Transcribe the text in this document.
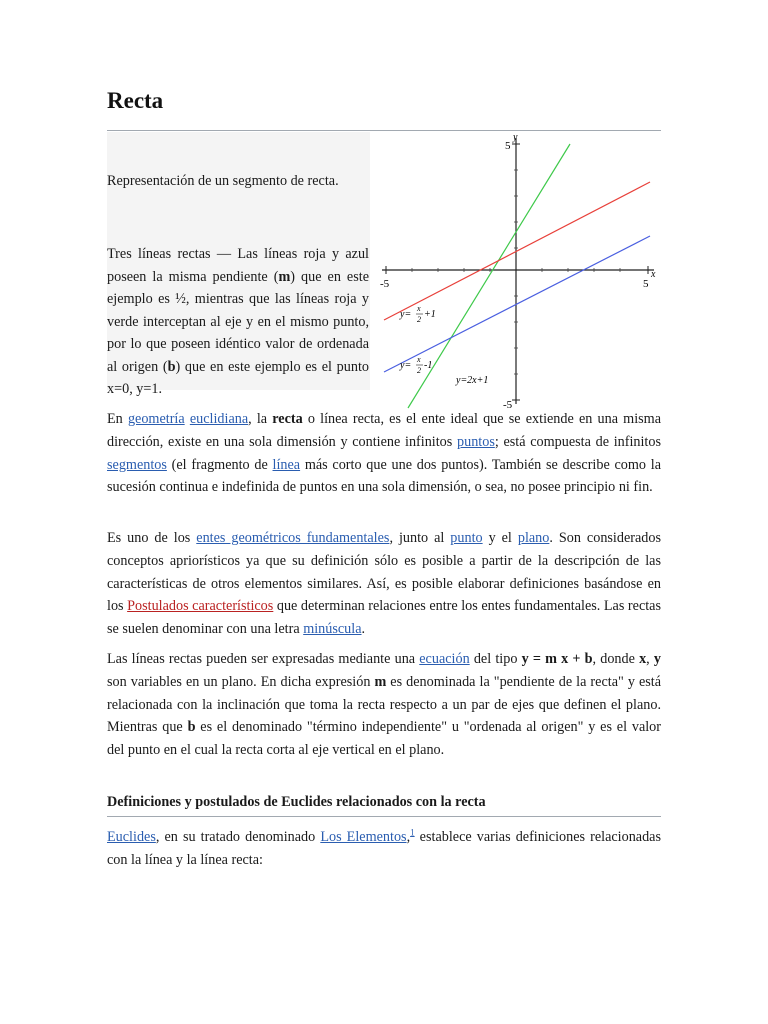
Recta
Representación de un segmento de recta.
Tres líneas rectas — Las líneas roja y azul poseen la misma pendiente (m) que en este ejemplo es ½, mientras que las líneas roja y verde interceptan al eje y en el mismo punto, por lo que poseen idéntico valor de ordenada al origen (b) que en este ejemplo es el punto x=0, y=1.
y
x
5
-5	5
-5
y=
x
2 +1
y=
x
2 -1
y=2x+1

En geometría euclidiana, la recta o línea recta, es el ente ideal que se extiende en una misma dirección, existe en una sola dimensión y contiene infinitos puntos; está compuesta de infinitos segmentos (el fragmento de línea más corto que une dos puntos). También se describe como la sucesión continua e indefinida de puntos en una sola dimensión, o sea, no posee principio ni fin.

Es uno de los entes geométricos fundamentales, junto al punto y el plano. Son considerados conceptos apriorísticos ya que su definición sólo es posible a partir de la descripción de las características de otros elementos similares. Así, es posible elaborar definiciones basándose en los Postulados característicos que determinan relaciones entre los entes fundamentales. Las rectas se suelen denominar con una letra minúscula.

Las líneas rectas pueden ser expresadas mediante una ecuación del tipo y = m x + b, donde x, y son variables en un plano. En dicha expresión m es denominada la "pendiente de la recta" y está relacionada con la inclinación que toma la recta respecto a un par de ejes que definen el plano. Mientras que b es el denominado "término independiente" u "ordenada al origen" y es el valor del punto en el cual la recta corta al eje vertical en el plano.

Definiciones y postulados de Euclides relacionados con la recta

Euclides, en su tratado denominado Los Elementos,$^1$ establece varias definiciones relacionadas con la línea y la línea recta:
